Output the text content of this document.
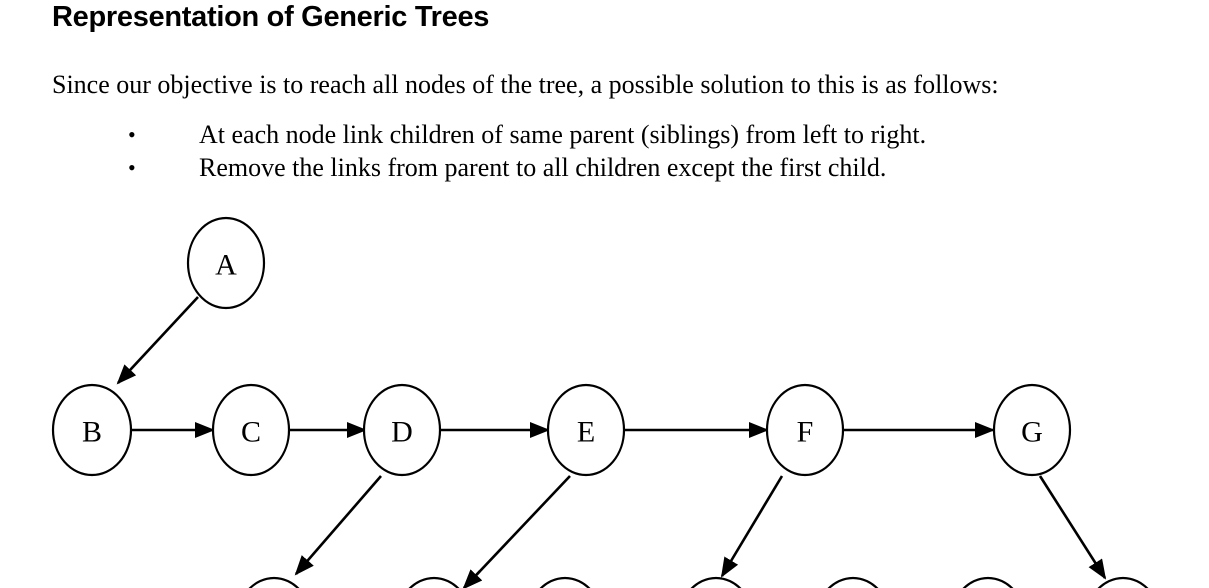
Representation of Generic Trees
Since our objective is to reach all nodes of the tree, a possible solution to this is as follows:
• At each node link children of same parent (siblings) from left to right.
• Remove the links from parent to all children except the first child.
A
B	C	D	E	F	G
